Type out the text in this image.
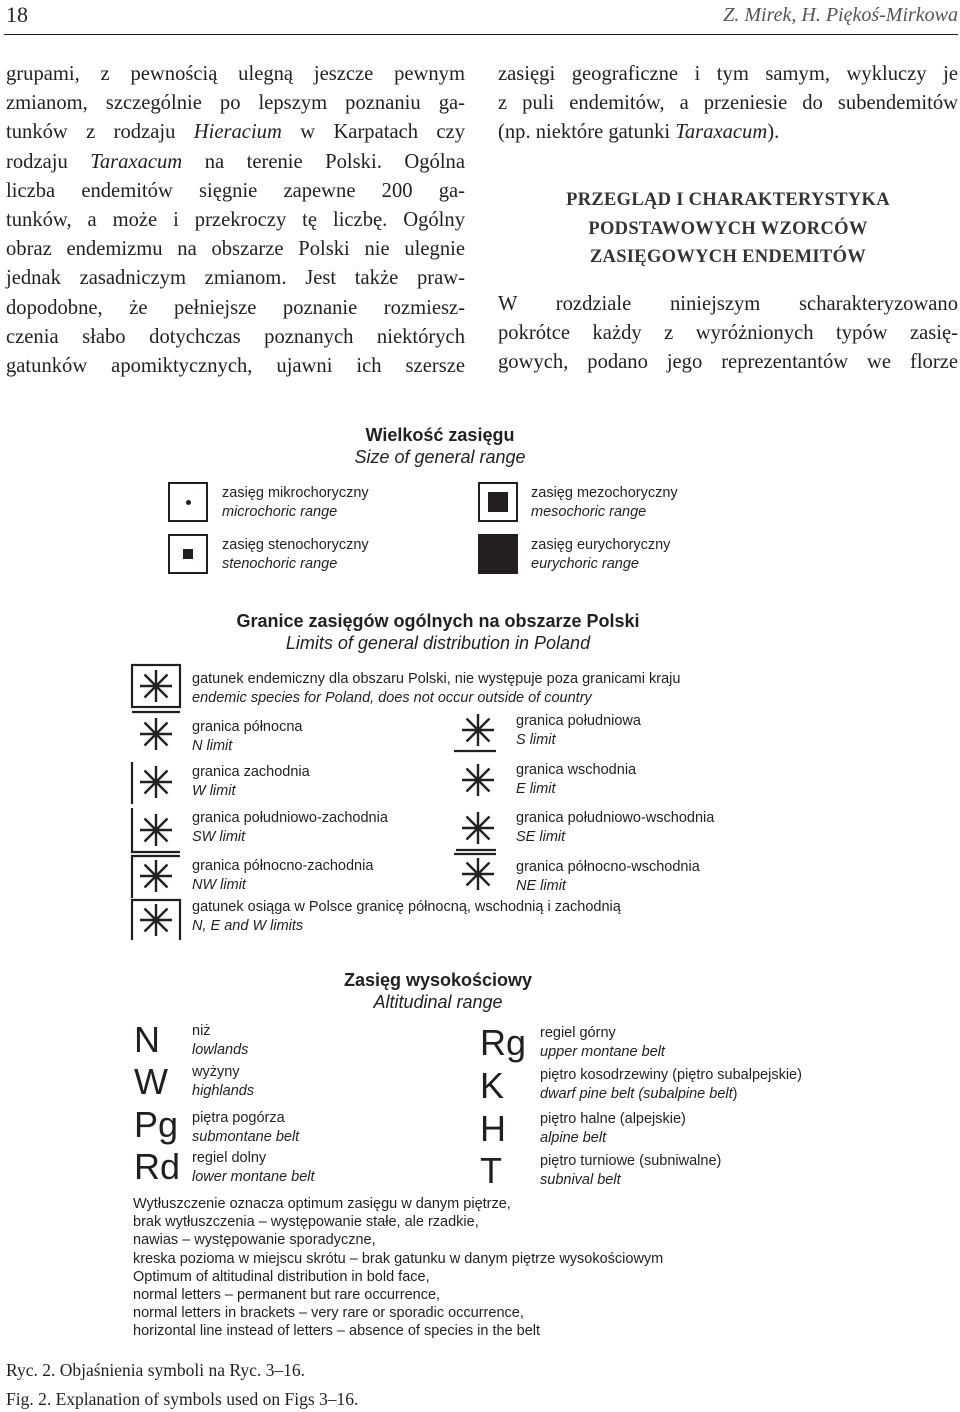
18	Z. Mirek, H. Piękoś-Mirkowa
grupami, z pewnością ulegną jeszcze pewnym
zmianom, szczególnie po lepszym poznaniu ga-
tunków z rodzaju Hieracium w Karpatach czy
rodzaju Taraxacum na terenie Polski. Ogólna
liczba endemitów sięgnie zapewne 200 ga-
tunków, a może i przekroczy tę liczbę. Ogólny
obraz endemizmu na obszarze Polski nie ulegnie
jednak zasadniczym zmianom. Jest także praw-
dopodobne, że pełniejsze poznanie rozmiesz-
czenia słabo dotychczas poznanych niektórych
gatunków apomiktycznych, ujawni ich szersze
zasięgi geograficzne i tym samym, wykluczy je
z puli endemitów, a przeniesie do subendemitów
(np. niektóre gatunki Taraxacum).
PRZEGLĄD I CHARAKTERYSTYKA
PODSTAWOWYCH WZORCÓW
ZASIĘGOWYCH ENDEMITÓW
W rozdziale niniejszym scharakteryzowano
pokrótce każdy z wyróżnionych typów zasię-
gowych, podano jego reprezentantów we florze
Wielkość zasięgu
Size of general range
zasięg mikrochoryczny
microchoric range
zasięg mezochoryczny
mesochoric range
zasięg stenochoryczny
stenochoric range
zasięg eurychoryczny
eurychoric range
Granice zasięgów ogólnych na obszarze Polski
Limits of general distribution in Poland
gatunek endemiczny dla obszaru Polski, nie występuje poza granicami kraju
endemic species for Poland, does not occur outside of country
granica północna
N limit
granica południowa
S limit
granica zachodnia
W limit
granica wschodnia
E limit
granica południowo-zachodnia
SW limit
granica południowo-wschodnia
SE limit
granica północno-zachodnia
NW limit
granica północno-wschodnia
NE limit
gatunek osiąga w Polsce granicę północną, wschodnią i zachodnią
N, E and W limits
Zasięg wysokościowy
Altitudinal range
N niż
lowlands
W wyżyny
highlands
Pg piętra pogórza
submontane belt
Rd regiel dolny
lower montane belt
Rg regiel górny
upper montane belt
K piętro kosodrzewiny (piętro subalpejskie)
dwarf pine belt (subalpine belt)
H piętro halne (alpejskie)
alpine belt
T	piętro turniowe (subniwalne)
subnival belt
Wytłuszczenie oznacza optimum zasięgu w danym piętrze,
brak wytłuszczenia – występowanie stałe, ale rzadkie,
nawias – występowanie sporadyczne,
kreska pozioma w miejscu skrótu – brak gatunku w danym piętrze wysokościowym
Optimum of altitudinal distribution in bold face,
normal letters – permanent but rare occurrence,
normal letters in brackets – very rare or sporadic occurrence,
horizontal line instead of letters – absence of species in the belt
Ryc. 2. Objaśnienia symboli na Ryc. 3–16.
Fig. 2. Explanation of symbols used on Figs 3–16.
